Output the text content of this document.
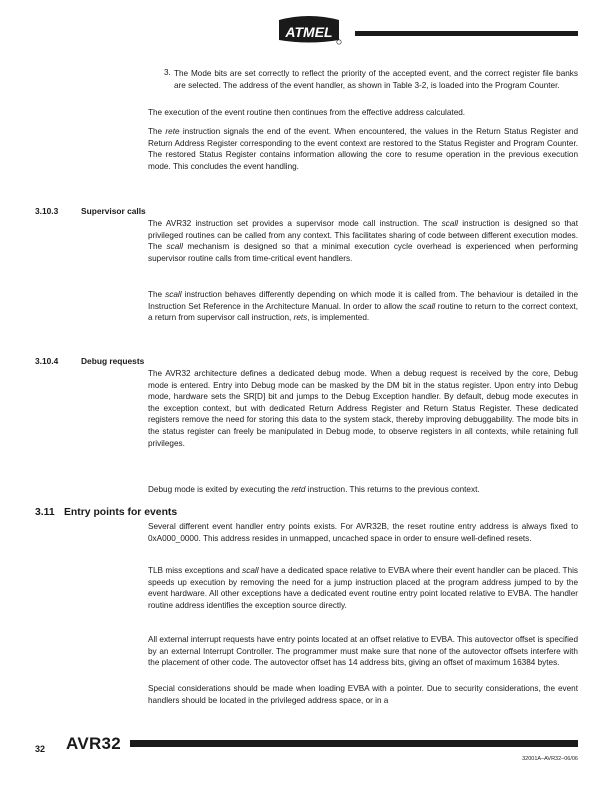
ATMEL
3. The Mode bits are set correctly to reflect the priority of the accepted event, and the correct register file banks are selected. The address of the event handler, as shown in Table 3-2, is loaded into the Program Counter.

The execution of the event routine then continues from the effective address calculated.

The rete instruction signals the end of the event. When encountered, the values in the Return Status Register and Return Address Register corresponding to the event context are restored to the Status Register and Program Counter. The restored Status Register contains information allowing the core to resume operation in the previous execution mode. This concludes the event handling.

3.10.3	Supervisor calls

The AVR32 instruction set provides a supervisor mode call instruction. The scall instruction is designed so that privileged routines can be called from any context. This facilitates sharing of code between different execution modes. The scall mechanism is designed so that a minimal execution cycle overhead is experienced when performing supervisor routine calls from time-critical event handlers.

The scall instruction behaves differently depending on which mode it is called from. The behaviour is detailed in the Instruction Set Reference in the Architecture Manual. In order to allow the scall routine to return to the correct context, a return from supervisor call instruction, rets, is implemented.

3.10.4	Debug requests

The AVR32 architecture defines a dedicated debug mode. When a debug request is received by the core, Debug mode is entered. Entry into Debug mode can be masked by the DM bit in the status register. Upon entry into Debug mode, hardware sets the SR[D] bit and jumps to the Debug Exception handler. By default, debug mode executes in the exception context, but with dedicated Return Address Register and Return Status Register. These dedicated registers remove the need for storing this data to the system stack, thereby improving debuggability. The mode bits in the status register can freely be manipulated in Debug mode, to observe registers in all contexts, while retaining full privileges.

Debug mode is exited by executing the retd instruction. This returns to the previous context.

3.11 Entry points for events

Several different event handler entry points exists. For AVR32B, the reset routine entry address is always fixed to 0xA000_0000. This address resides in unmapped, uncached space in order to ensure well-defined resets.

TLB miss exceptions and scall have a dedicated space relative to EVBA where their event handler can be placed. This speeds up execution by removing the need for a jump instruction placed at the program address jumped to by the event hardware. All other exceptions have a dedicated event routine entry point located relative to EVBA. The handler routine address identifies the exception source directly.

All external interrupt requests have entry points located at an offset relative to EVBA. This autovector offset is specified by an external Interrupt Controller. The programmer must make sure that none of the autovector offsets interfere with the placement of other code. The autovector offset has 14 address bits, giving an offset of maximum 16384 bytes.

Special considerations should be made when loading EVBA with a pointer. Due to security considerations, the event handlers should be located in the privileged address space, or in a

32 AVR32
32001A–AVR32–06/06
